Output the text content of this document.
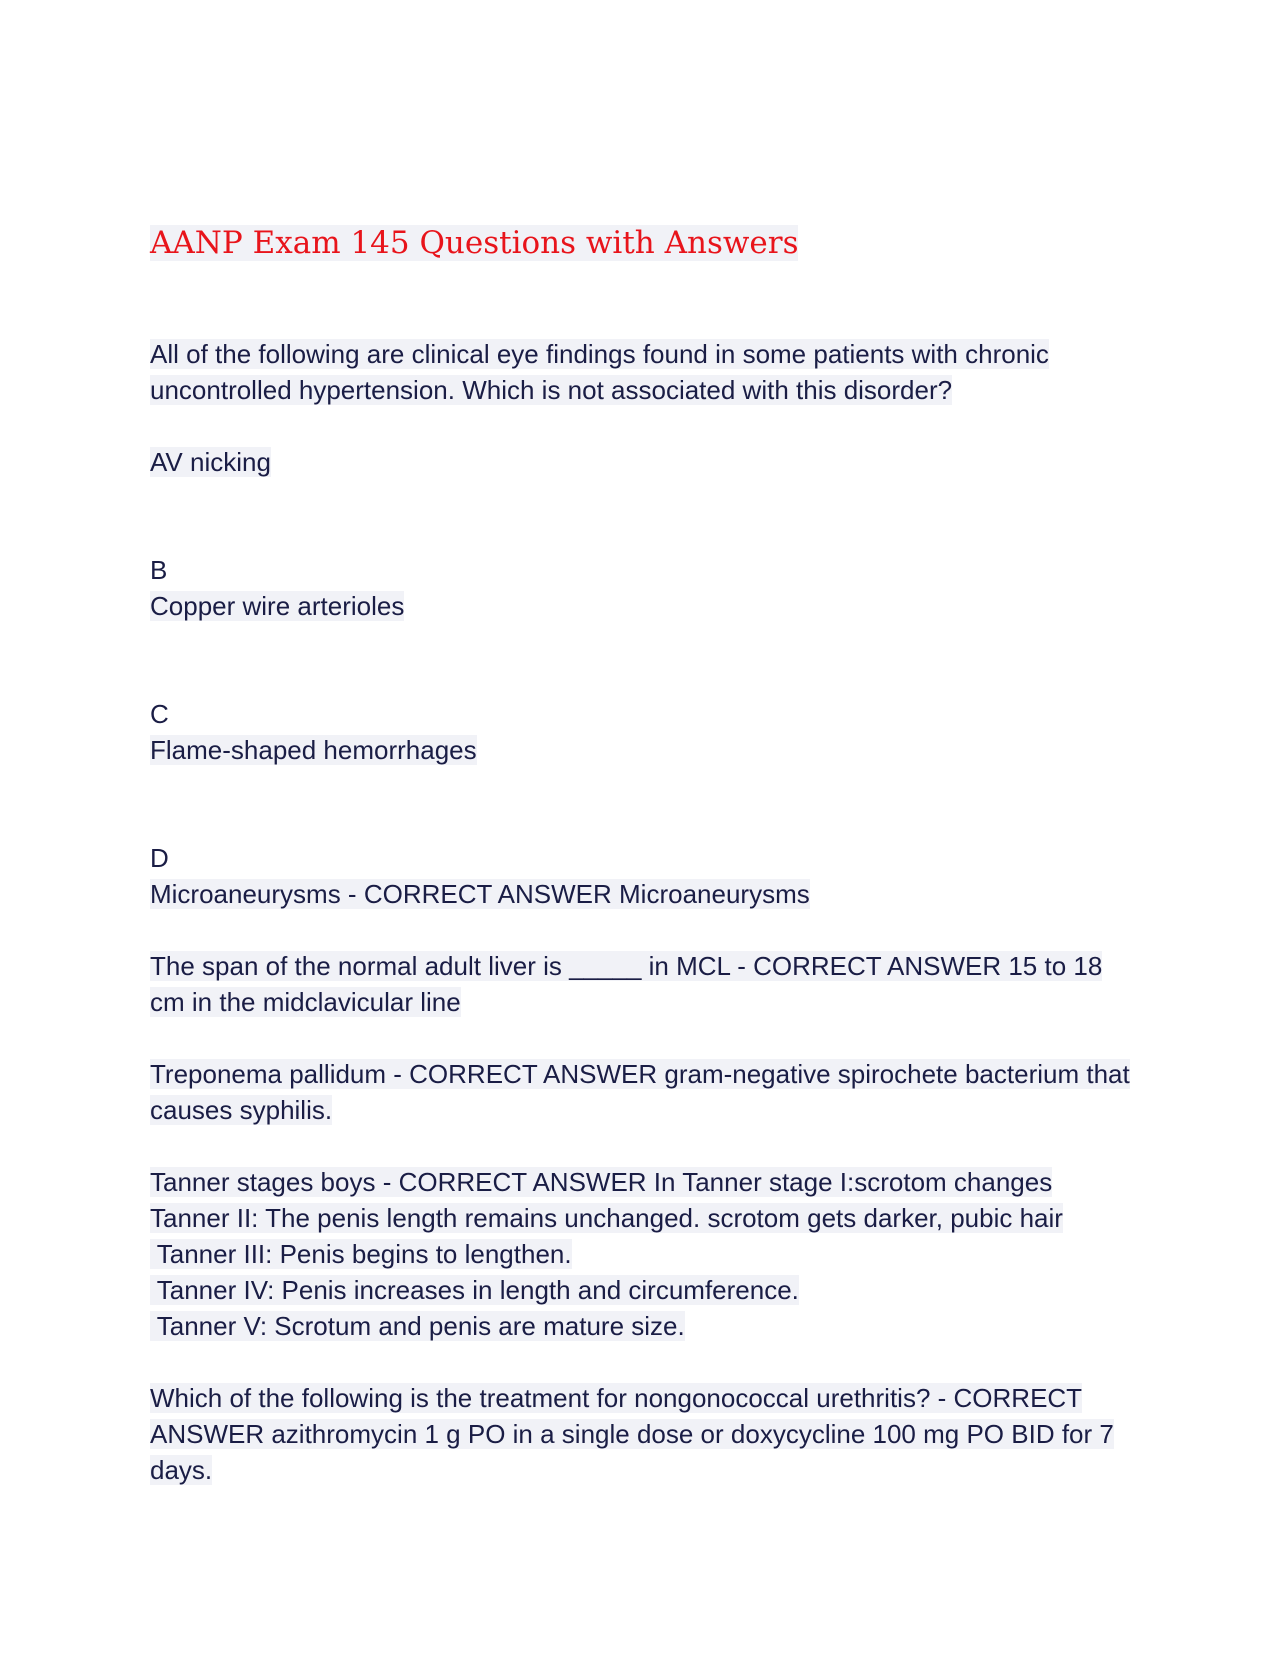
AANP Exam 145 Questions with Answers

All of the following are clinical eye findings found in some patients with chronic uncontrolled hypertension. Which is not associated with this disorder?

AV nicking

B
Copper wire arterioles

C
Flame-shaped hemorrhages

D
Microaneurysms - CORRECT ANSWER Microaneurysms

The span of the normal adult liver is _____ in MCL - CORRECT ANSWER 15 to 18 cm in the midclavicular line

Treponema pallidum - CORRECT ANSWER gram-negative spirochete bacterium that causes syphilis.

Tanner stages boys - CORRECT ANSWER In Tanner stage I:scrotom changes
Tanner II: The penis length remains unchanged. scrotom gets darker, pubic hair
Tanner III: Penis begins to lengthen.
Tanner IV: Penis increases in length and circumference.
Tanner V: Scrotum and penis are mature size.

Which of the following is the treatment for nongonococcal urethritis? - CORRECT ANSWER azithromycin 1 g PO in a single dose or doxycycline 100 mg PO BID for 7 days.
